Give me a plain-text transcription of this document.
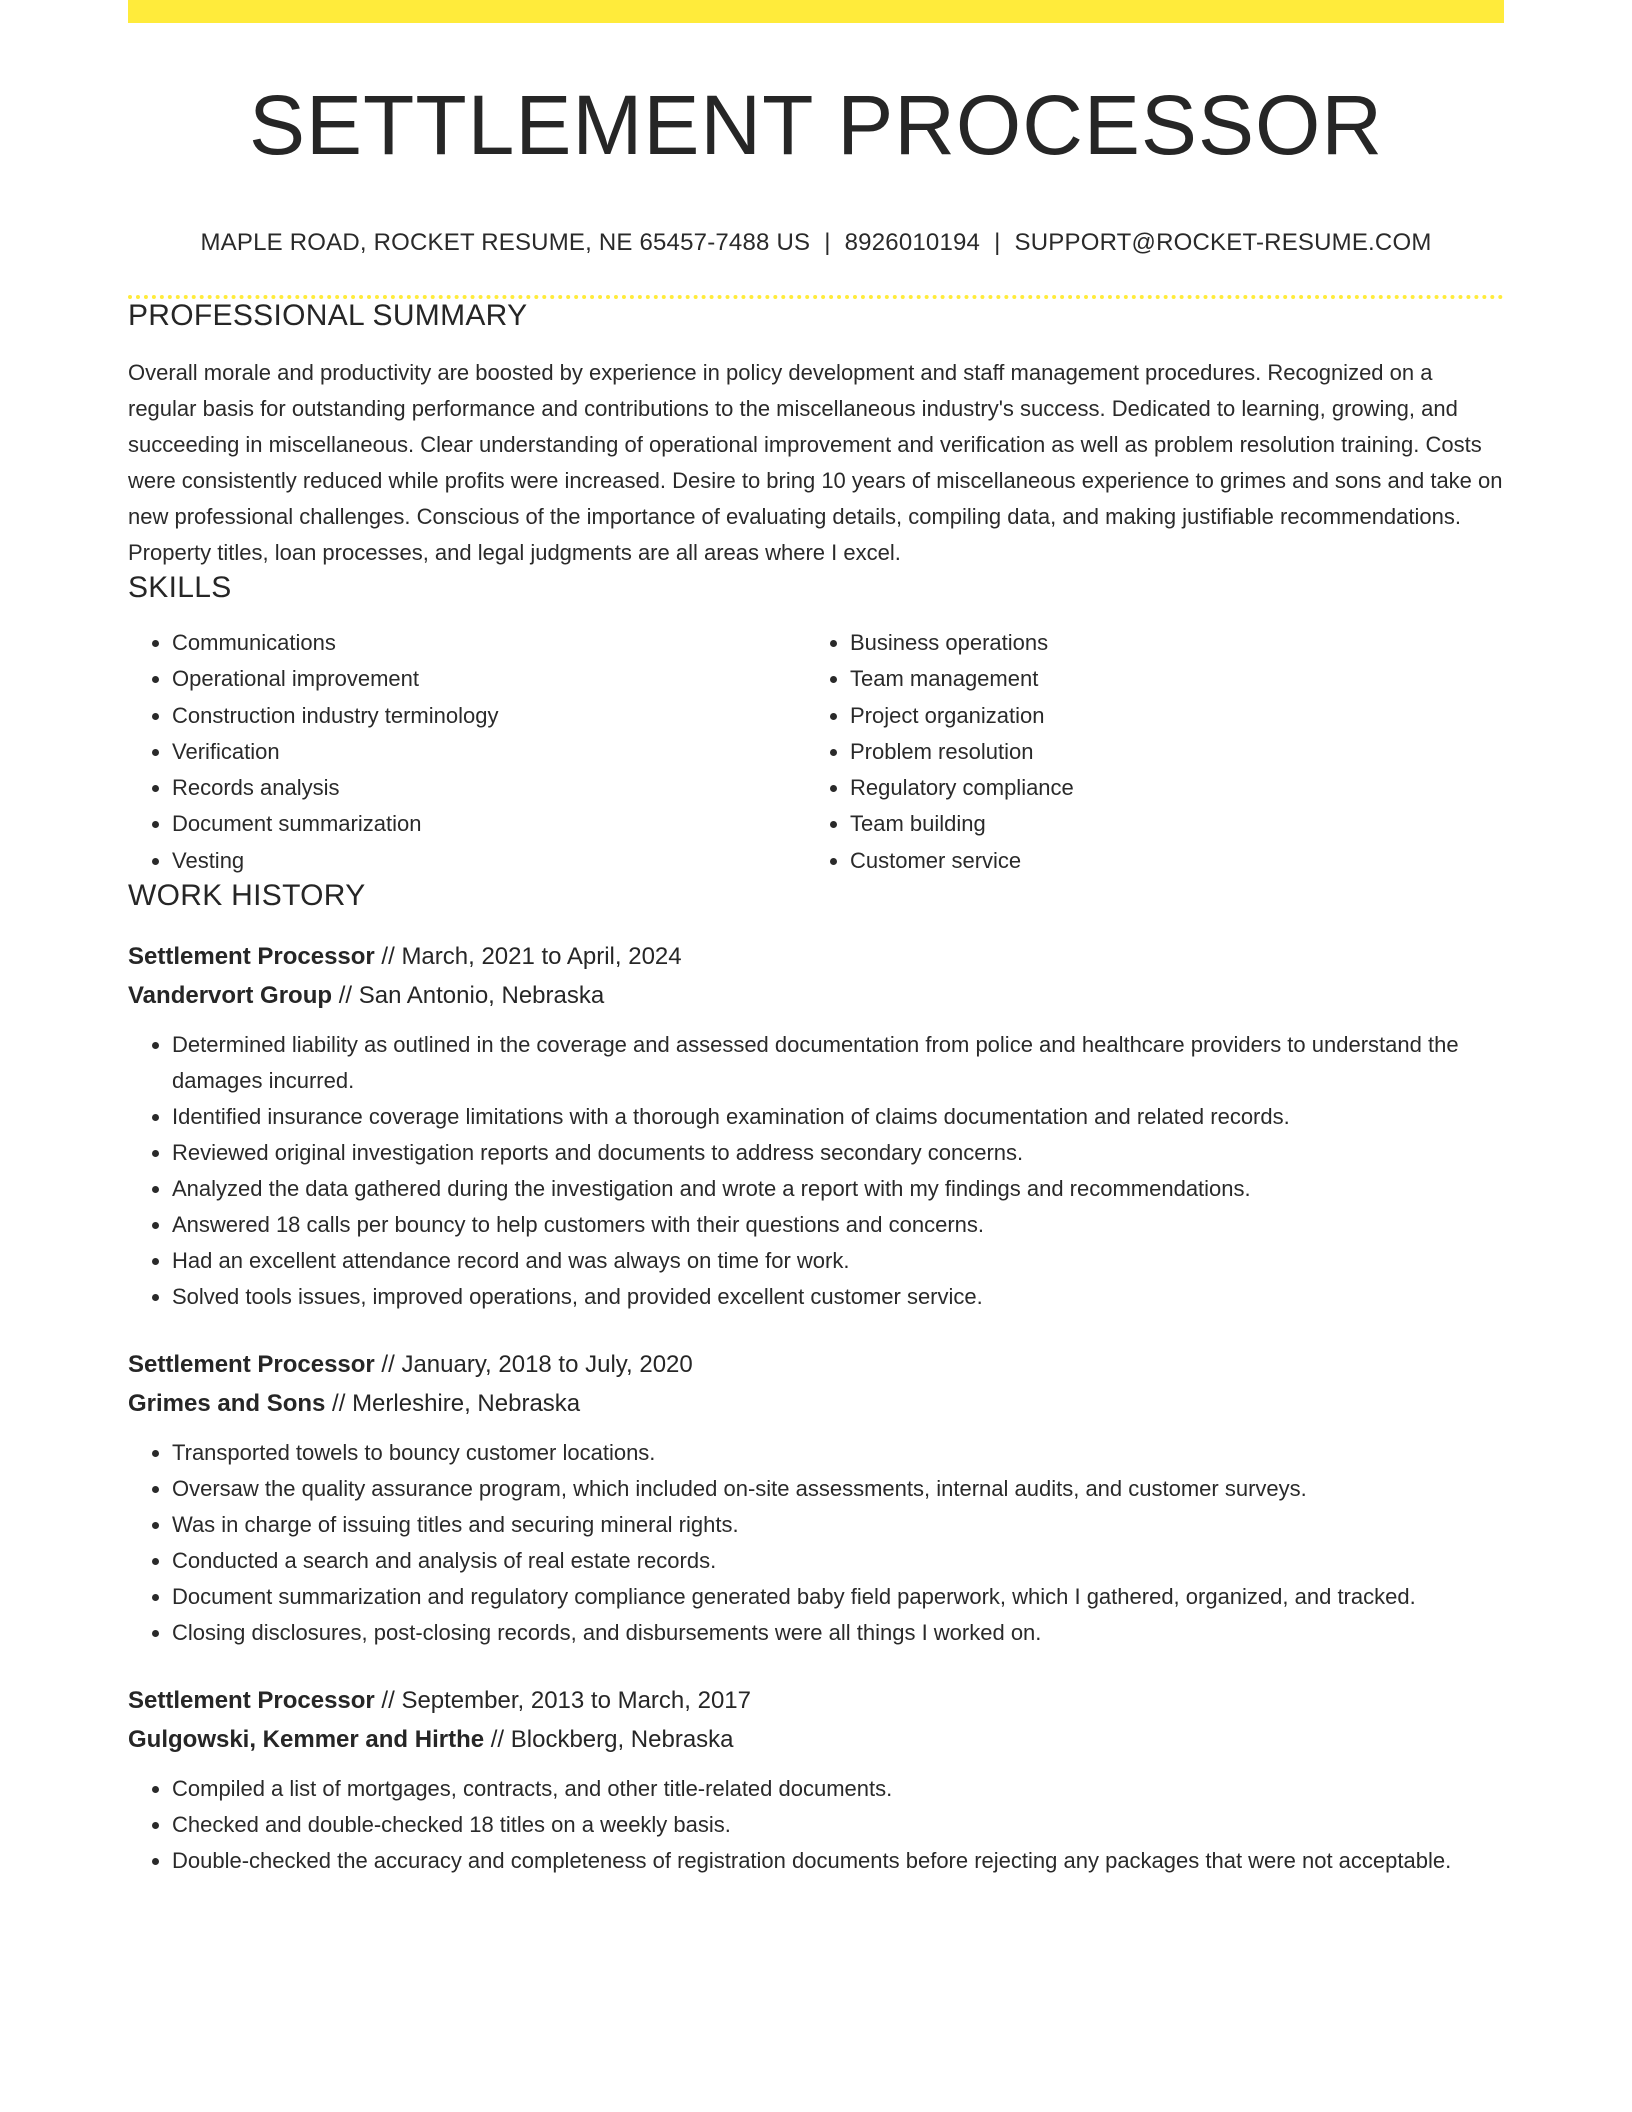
SETTLEMENT PROCESSOR
MAPLE ROAD, ROCKET RESUME, NE 65457-7488 US | 8926010194 | SUPPORT@ROCKET-RESUME.COM
PROFESSIONAL SUMMARY
Overall morale and productivity are boosted by experience in policy development and staff management procedures. Recognized on a regular basis for outstanding performance and contributions to the miscellaneous industry's success. Dedicated to learning, growing, and succeeding in miscellaneous. Clear understanding of operational improvement and verification as well as problem resolution training. Costs were consistently reduced while profits were increased. Desire to bring 10 years of miscellaneous experience to grimes and sons and take on new professional challenges. Conscious of the importance of evaluating details, compiling data, and making justifiable recommendations. Property titles, loan processes, and legal judgments are all areas where I excel.
SKILLS
• Communications
• Operational improvement
• Construction industry terminology
• Verification
• Records analysis
• Document summarization
• Vesting
• Business operations
• Team management
• Project organization
• Problem resolution
• Regulatory compliance
• Team building
• Customer service
WORK HISTORY
Settlement Processor // March, 2021 to April, 2024
Vandervort Group // San Antonio, Nebraska
• Determined liability as outlined in the coverage and assessed documentation from police and healthcare providers to understand the damages incurred.
• Identified insurance coverage limitations with a thorough examination of claims documentation and related records.
• Reviewed original investigation reports and documents to address secondary concerns.
• Analyzed the data gathered during the investigation and wrote a report with my findings and recommendations.
• Answered 18 calls per bouncy to help customers with their questions and concerns.
• Had an excellent attendance record and was always on time for work.
• Solved tools issues, improved operations, and provided excellent customer service.
Settlement Processor // January, 2018 to July, 2020
Grimes and Sons // Merleshire, Nebraska
• Transported towels to bouncy customer locations.
• Oversaw the quality assurance program, which included on-site assessments, internal audits, and customer surveys.
• Was in charge of issuing titles and securing mineral rights.
• Conducted a search and analysis of real estate records.
• Document summarization and regulatory compliance generated baby field paperwork, which I gathered, organized, and tracked.
• Closing disclosures, post-closing records, and disbursements were all things I worked on.
Settlement Processor // September, 2013 to March, 2017
Gulgowski, Kemmer and Hirthe // Blockberg, Nebraska
• Compiled a list of mortgages, contracts, and other title-related documents.
• Checked and double-checked 18 titles on a weekly basis.
• Double-checked the accuracy and completeness of registration documents before rejecting any packages that were not acceptable.
